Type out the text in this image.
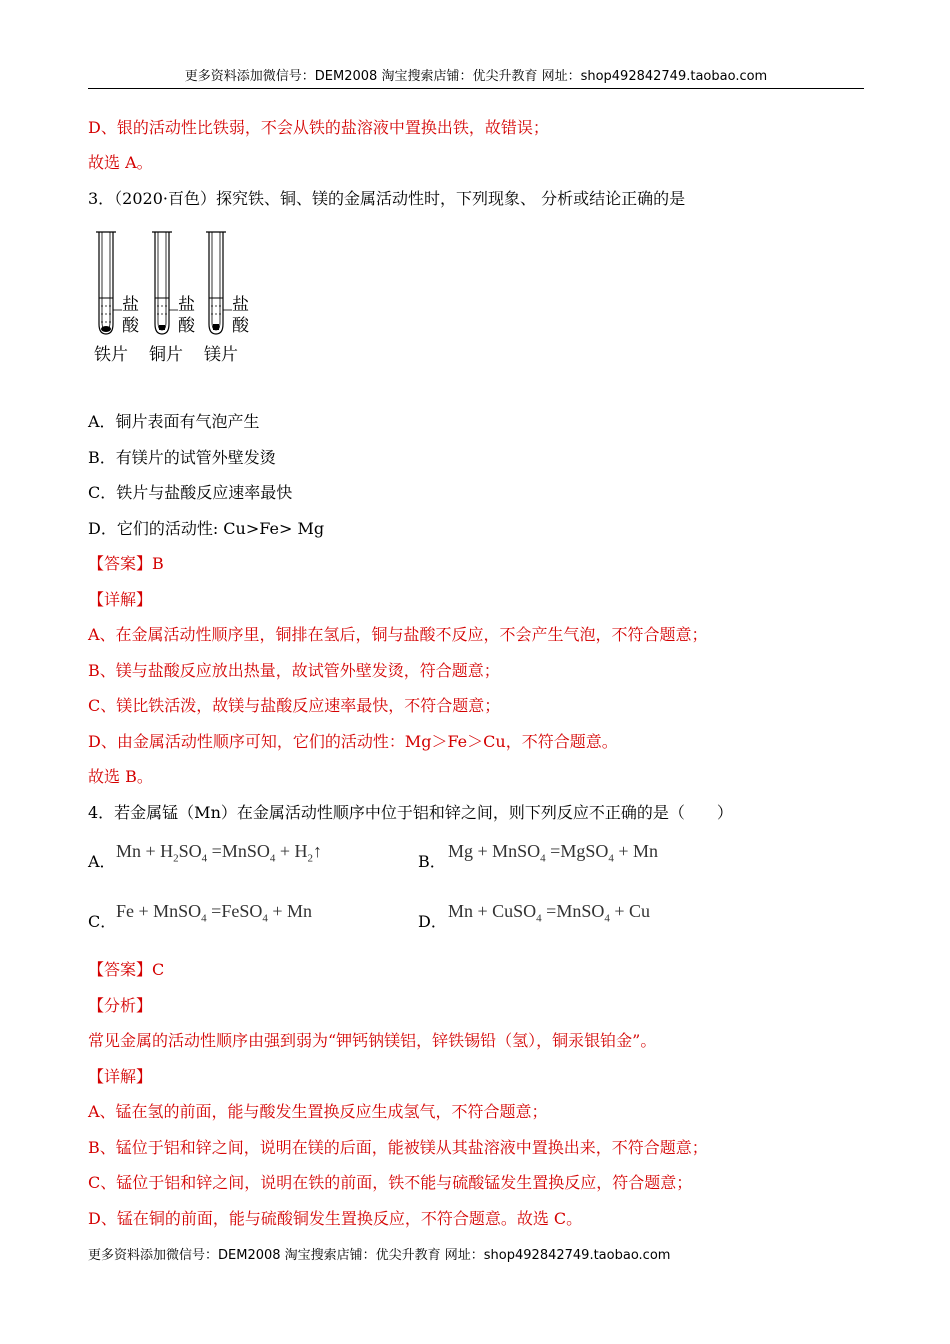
更多资料添加微信号：DEM2008 淘宝搜索店铺：优尖升教育 网址：shop492842749.taobao.com
D、银的活动性比铁弱，不会从铁的盐溶液中置换出铁，故错误；
故选 A。
3．（2020·百色）探究铁、铜、镁的金属活动性时，下列现象、 分析或结论正确的是
盐
酸
盐
酸
盐
酸
铁片 铜片 镁片
A．铜片表面有气泡产生
B．有镁片的试管外壁发烫
C．铁片与盐酸反应速率最快
D．它们的活动性: Cu>Fe> Mg
【答案】B
【详解】
A、在金属活动性顺序里，铜排在氢后，铜与盐酸不反应，不会产生气泡，不符合题意；
B、镁与盐酸反应放出热量，故试管外壁发烫，符合题意；
C、镁比铁活泼，故镁与盐酸反应速率最快，不符合题意；
D、由金属活动性顺序可知，它们的活动性：Mg＞Fe＞Cu，不符合题意。
故选 B。
4．若金属锰（Mn）在金属活动性顺序中位于铝和锌之间，则下列反应不正确的是（　　）
A．$Mn + H_2SO_4$ =MnSO$_4$ + $H_2↑$
B．Mg + MnSO$_4$ =MgSO$_4$ + Mn
C．Fe + MnSO$_4$ =FeSO$_4$ + Mn
D．Mn + CuSO$_4$ =MnSO$_4$ + Cu
【答案】C
【分析】
常见金属的活动性顺序由强到弱为“钾钙钠镁铝，锌铁锡铅（氢），铜汞银铂金”。
【详解】
A、锰在氢的前面，能与酸发生置换反应生成氢气，不符合题意；
B、锰位于铝和锌之间，说明在镁的后面，能被镁从其盐溶液中置换出来，不符合题意；
C、锰位于铝和锌之间，说明在铁的前面，铁不能与硫酸锰发生置换反应，符合题意；
D、锰在铜的前面，能与硫酸铜发生置换反应，不符合题意。故选 C。
更多资料添加微信号：DEM2008 淘宝搜索店铺：优尖升教育 网址：shop492842749.taobao.com
